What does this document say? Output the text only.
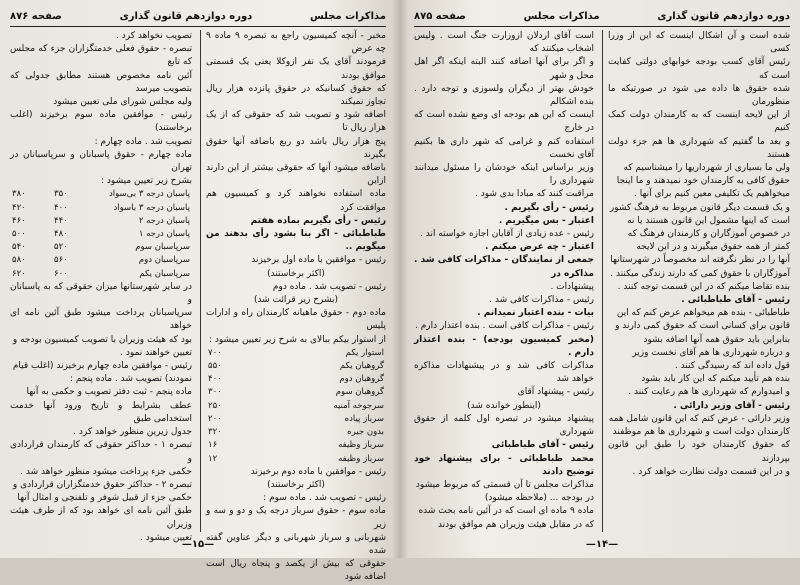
مذاکرات مجلس
دوره دوازدهم قانون گذاری
صفحه ۸۷۶

مخبر - آنچه کمیسیون راجع به تبصره ۹ ماده ۹ چه عرض

فرمودند آقای یک نفر ازوکلا یعنی یک قسمتی موافق بودند

که حقوق کسانیکه در حقوق پانزده هزار ریال تجاوز نمیکند

اضافه شود و تصویب شد که حقوقی که از یک هزار ریال تا

پنج هزار ریال باشد دو ربع باضافه آنها حقوق بگیرند

باضافه میشود آنها که حقوقی بیشتر از این دارند ازاین

ماده استفاده نخواهند کرد و کمیسیون هم موافقت کرد

رئیس - رأی بگیریم بماده هفتم

طباطبائی - اگر بنا بشود رأی بدهند من میگویم ..

رئیس - موافقین با ماده اول برخیزند

(اکثر برخاستند)

رئیس - تصویب شد . ماده دوم

(بشرح زیر قرائت شد)

ماده دوم - حقوق ماهیانه کارمندان راه و ادارات پلیس

از استوار بیکم ببالای به شرح زیر تعیین میشود :

استوار یکم	۷۰۰
گروهبان یکم	۵۵۰
گروهبان دوم	۴۰۰
گروهبان سوم	۳۰۰
سرجوخه آمنیه	۲۵۰
سرباز پیاده	۲۰۰
بدون جیره	۳۲۰
سرباز وظیفه	۱۶
سرباز وظیفه	۱۲

رئیس - موافقین با ماده دوم برخیزند

(اکثر برخاستند)

رئیس - تصویب شد . ماده سوم :

ماده سوم - حقوق سرباز درجه یک و دو و سه و زیر

شهربانی و سرباز شهربانی و دیگر عناوین گفته شده

حقوقی که بیش از یکصد و پنجاه ریال است اضافه شود

تصویب نخواهد کرد .

تبصره - حقوق فعلی خدمتگزاران جزء که مجلس که تابع

آئین نامه مخصوص هستند مطابق جدولی که بتصویب میرسد

ولیه مجلس شورای ملی تعیین میشود

رئیس - موافقین ماده سوم برخیزند (اغلب برخاستند)

تصویب شد . ماده چهارم :

ماده چهارم - حقوق پاسبانان و سرپاسبانان در تهران

بشرح زیر تعیین میشود :

پاسبان درجه ۳ بی‌سواد	۳۵۰	۳۸۰
پاسبان درجه ۳ باسواد	۴۰۰	۴۲۰
پاسبان درجه ۲	۴۴۰	۴۶۰
پاسبان درجه ۱	۴۸۰	۵۰۰
سرپاسبان سوم	۵۲۰	۵۴۰
سرپاسبان دوم	۵۶۰	۵۸۰
سرپاسبان یکم	۶۰۰	۶۲۰

در سایر شهرستانها میزان حقوقی که به پاسبانان و

سرپاسبانان پرداخت میشود طبق آئین نامه ای خواهد

بود که هیئت وزیران با تصویب کمیسیون بودجه و

تعیین خواهند نمود .

رئیس - موافقین ماده چهارم برخیزند (اغلب قیام

نمودند) تصویب شد . ماده پنجم :

ماده پنجم - ثبت دفتر تصویب و حکمی به آنها

عطف بشرایط و تاریخ ورود آنها خدمت استخدامی طبق

جدول زیرین منظور خواهد کرد .

تبصره ۱ - حداکثر حقوقی که کارمندان قراردادی و

حکمی جزء پرداخت میشود منظور خواهد شد .

تبصره ۲ - حداکثر حقوق خدمتگزاران قراردادی و

حکمی جزء از قبیل شوفر و تلفنچی و امثال آنها

طبق آئین نامه ای خواهد بود که از طرف هیئت وزیران

تعیین میشود .

—۱۵—
دوره دوازدهم قانون گذاری
مذاکرات مجلس
صفحه ۸۷۵

شده است و آن اشکال اینست که این از وزرا کسی

رئیس آقای کسب بودجه خوابهای دولتی کفایت است که

شده حقوق ها داده می شود در صورتیکه ما منظورمان

از این لایحه اینست که به کارمندان دولت کمک کنیم

و بعد ما گفتیم که شهرداری ها هم جزء دولت هستند

ولی ما بسیاری از شهرداریها را میشناسیم که

حقوق کافی به کارمندان خود نمیدهند و ما اینجا

میخواهیم یک تکلیفی معین کنیم برای آنها .

و یک قسمت دیگر قانون مربوط به فرهنگ کشور

است که اینها مشمول این قانون هستند یا نه

در خصوص آموزگاران و کارمندان فرهنگ که

کمتر از همه حقوق میگیرند و در این لایحه

آنها را در نظر نگرفته اند مخصوصاً در شهرستانها

آموزگاران با حقوق کمی که دارند زندگی میکنند .

بنده تقاضا میکنم که در این قسمت توجه کنند .

رئیس - آقای طباطبائی .

طباطبائی - بنده هم میخواهم عرض کنم که این

قانون برای کسانی است که حقوق کمی دارند و

بنابراین باید حقوق همه آنها اضافه بشود

و درباره شهرداری ها هم آقای نخست وزیر

قول داده اند که رسیدگی کنند .

بنده هم تأیید میکنم که این کار باید بشود

و امیدوارم که شهرداری ها هم رعایت کنند .

رئیس - آقای وزیر دارائی .

وزیر دارائی - عرض کنم که این قانون شامل همه

کارمندان دولت است و شهرداری ها هم موظفند

که حقوق کارمندان خود را طبق این قانون بپردازند

و در این قسمت دولت نظارت خواهد کرد .

است آقای اردلان ازوزارت جنگ است . ولیس اشخاب میکنند که

و اگر برای آنها اضافه کنند البته اینکه اگر اهل محل و شهر

خودش بهتر از دیگران ولسوزی و توجه دارد . بنده اشکالم

اینست که این هم بودجه ای وضع نشده است که در خارج

استفاده کنم و غرامی که شهر داری ها بکنیم آقای نخست

وزیر براساس اینکه خودشان را مسئول میدانند شهرداری را

مراقبت کنند که مبادا بدی شود .

رئیس - رأی بگیریم .

اعتبار - بس میگیریم .

رئیس - عده زیادی از آقایان اجازه خواسته اند .

اعتبار - چه عرض میکنم .

جمعی از نمایندگان - مذاکرات کافی شد . مذاکره در

پیشنهادات .

رئیس - مذاکرات کافی شد .

بیات - بنده اعتبار نمیدانم .

رئیس - مذاکرات کافی است . بنده اعتذار دارم .

(مخبر کمیسیون بودجه) - بنده اعتذار دارم .

مذاکرات کافی شد و در پیشنهادات مذاکره خواهد شد

رئیس - پیشنهاد آقای

(اینطور خوانده شد)

پیشنهاد میشود در تبصره اول کلمه از حقوق شهرداری

رئیس - آقای طباطبائی

محمد طباطبائی - برای پیشنهاد خود توضیح دادند

مذاکرات مجلس تا آن قسمتی که مربوط میشود

در بودجه ... (ملاحظه میشود)

ماده ۹ ماده ای است که در آئین نامه بحث شده

که در مقابل هیئت وزیران هم موافق بودند

—۱۴—
